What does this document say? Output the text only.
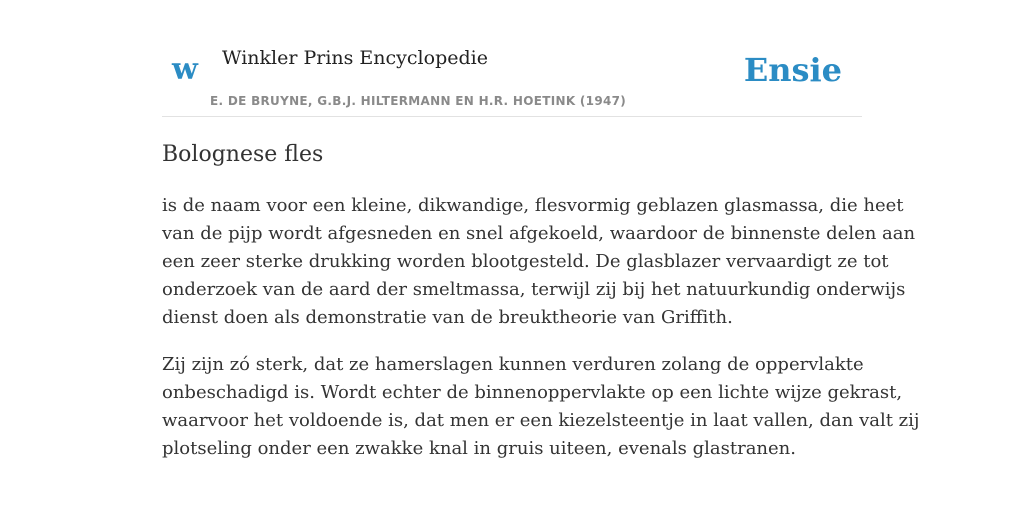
w Winkler Prins Encyclopedie
E. DE BRUYNE, G.B.J. HILTERMANN EN H.R. HOETINK (1947)
Ensie
Bolognese fles
is de naam voor een kleine, dikwandige, flesvormig geblazen glasmassa, die heet
van de pijp wordt afgesneden en snel afgekoeld, waardoor de binnenste delen aan
een zeer sterke drukking worden blootgesteld. De glasblazer vervaardigt ze tot
onderzoek van de aard der smeltmassa, terwijl zij bij het natuurkundig onderwijs
dienst doen als demonstratie van de breuktheorie van Griffith.
Zij zijn zó sterk, dat ze hamerslagen kunnen verduren zolang de oppervlakte
onbeschadigd is. Wordt echter de binnenoppervlakte op een lichte wijze gekrast,
waarvoor het voldoende is, dat men er een kiezelsteentje in laat vallen, dan valt zij
plotseling onder een zwakke knal in gruis uiteen, evenals glastranen.
